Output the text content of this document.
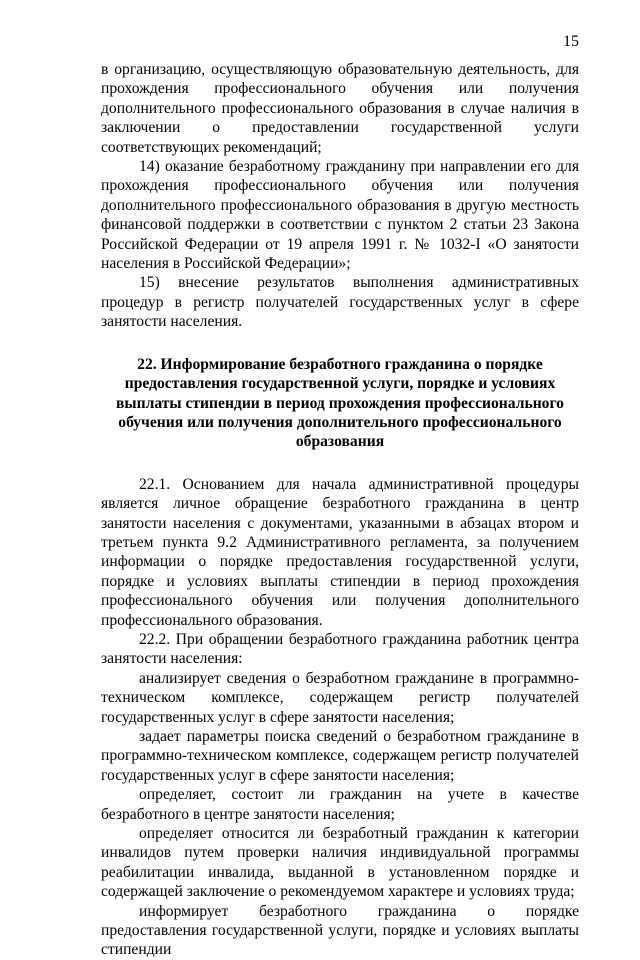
15

в организацию, осуществляющую образовательную деятельность, для прохождения профессионального обучения или получения дополнительного профессионального образования в случае наличия в заключении о предоставлении государственной услуги соответствующих рекомендаций;

14) оказание безработному гражданину при направлении его для прохождения профессионального обучения или получения дополнительного профессионального образования в другую местность финансовой поддержки в соответствии с пунктом 2 статьи 23 Закона Российской Федерации от 19 апреля 1991 г. № 1032-I «О занятости населения в Российской Федерации»;

15) внесение результатов выполнения административных процедур в регистр получателей государственных услуг в сфере занятости населения.

22. Информирование безработного гражданина о порядке
предоставления государственной услуги, порядке и условиях
выплаты стипендии в период прохождения профессионального
обучения или получения дополнительного профессионального
образования

22.1. Основанием для начала административной процедуры является личное обращение безработного гражданина в центр занятости населения с документами, указанными в абзацах втором и третьем пункта 9.2 Административного регламента, за получением информации о порядке предоставления государственной услуги, порядке и условиях выплаты стипендии в период прохождения профессионального обучения или получения дополнительного профессионального образования.

22.2. При обращении безработного гражданина работник центра занятости населения:

анализирует сведения о безработном гражданине в программно-техническом комплексе, содержащем регистр получателей государственных услуг в сфере занятости населения;

задает параметры поиска сведений о безработном гражданине в программно-техническом комплексе, содержащем регистр получателей государственных услуг в сфере занятости населения;

определяет, состоит ли гражданин на учете в качестве безработного в центре занятости населения;

определяет относится ли безработный гражданин к категории инвалидов путем проверки наличия индивидуальной программы реабилитации инвалида, выданной в установленном порядке и содержащей заключение о рекомендуемом характере и условиях труда;

информирует безработного гражданина о порядке предоставления государственной услуги, порядке и условиях выплаты стипендии
